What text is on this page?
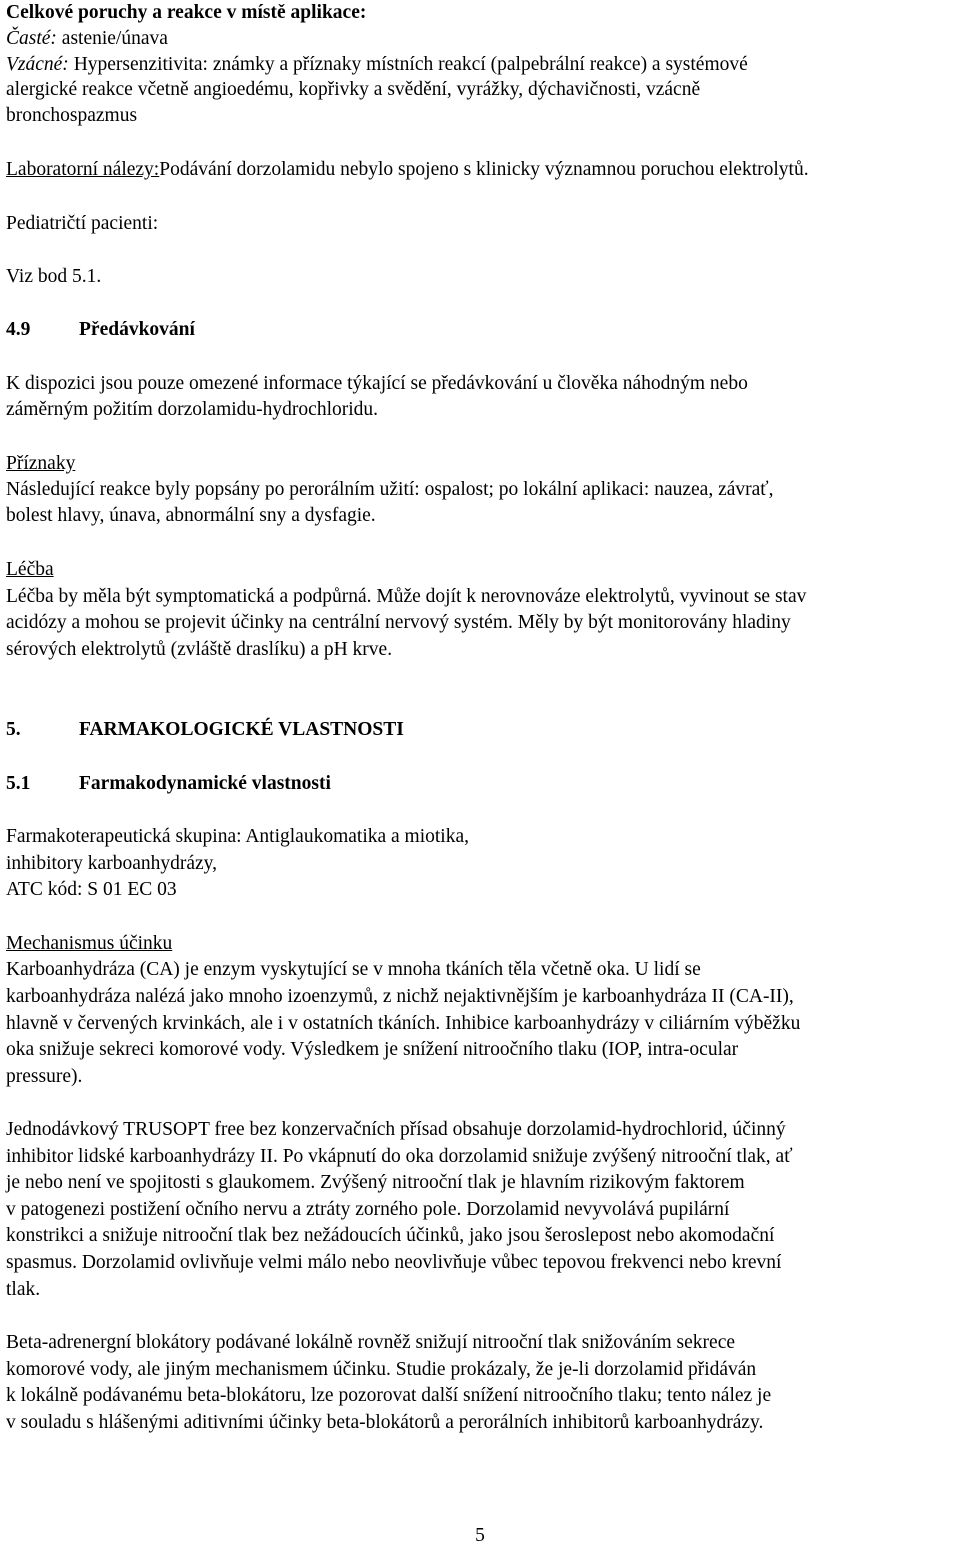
Celkové poruchy a reakce v místě aplikace:
Časté: astenie/únava
Vzácné: Hypersenzitivita: známky a příznaky místních reakcí (palpebrální reakce) a systémové
alergické reakce včetně angioedému, kopřivky a svědění, vyrážky, dýchavičnosti, vzácně
bronchospazmus
Laboratorní nálezy:Podávání dorzolamidu nebylo spojeno s klinicky významnou poruchou elektrolytů.
Pediatričtí pacienti:
Viz bod 5.1.
4.9 Předávkování
K dispozici jsou pouze omezené informace týkající se předávkování u člověka náhodným nebo
záměrným požitím dorzolamidu-hydrochloridu.
Příznaky
Následující reakce byly popsány po perorálním užití: ospalost; po lokální aplikaci: nauzea, závrať,
bolest hlavy, únava, abnormální sny a dysfagie.
Léčba
Léčba by měla být symptomatická a podpůrná. Může dojít k nerovnováze elektrolytů, vyvinout se stav
acidózy a mohou se projevit účinky na centrální nervový systém. Měly by být monitorovány hladiny
sérových elektrolytů (zvláště draslíku) a pH krve.
5.	FARMAKOLOGICKÉ VLASTNOSTI
5.1 Farmakodynamické vlastnosti
Farmakoterapeutická skupina: Antiglaukomatika a miotika,
inhibitory karboanhydrázy,
ATC kód: S 01 EC 03
Mechanismus účinku
Karboanhydráza (CA) je enzym vyskytující se v mnoha tkáních těla včetně oka. U lidí se
karboanhydráza nalézá jako mnoho izoenzymů, z nichž nejaktivnějším je karboanhydráza II (CA-II),
hlavně v červených krvinkách, ale i v ostatních tkáních. Inhibice karboanhydrázy v ciliárním výběžku
oka snižuje sekreci komorové vody. Výsledkem je snížení nitroočního tlaku (IOP, intra-ocular
pressure).
Jednodávkový TRUSOPT free bez konzervačních přísad obsahuje dorzolamid-hydrochlorid, účinný
inhibitor lidské karboanhydrázy II. Po vkápnutí do oka dorzolamid snižuje zvýšený nitrooční tlak, ať
je nebo není ve spojitosti s glaukomem. Zvýšený nitrooční tlak je hlavním rizikovým faktorem
v patogenezi postižení očního nervu a ztráty zorného pole. Dorzolamid nevyvolává pupilární
konstrikci a snižuje nitrooční tlak bez nežádoucích účinků, jako jsou šeroslepost nebo akomodační
spasmus. Dorzolamid ovlivňuje velmi málo nebo neovlivňuje vůbec tepovou frekvenci nebo krevní
tlak.
Beta-adrenergní blokátory podávané lokálně rovněž snižují nitrooční tlak snižováním sekrece
komorové vody, ale jiným mechanismem účinku. Studie prokázaly, že je-li dorzolamid přidáván
k lokálně podávanému beta-blokátoru, lze pozorovat další snížení nitroočního tlaku; tento nález je
v souladu s hlášenými aditivními účinky beta-blokátorů a perorálních inhibitorů karboanhydrázy.
5
